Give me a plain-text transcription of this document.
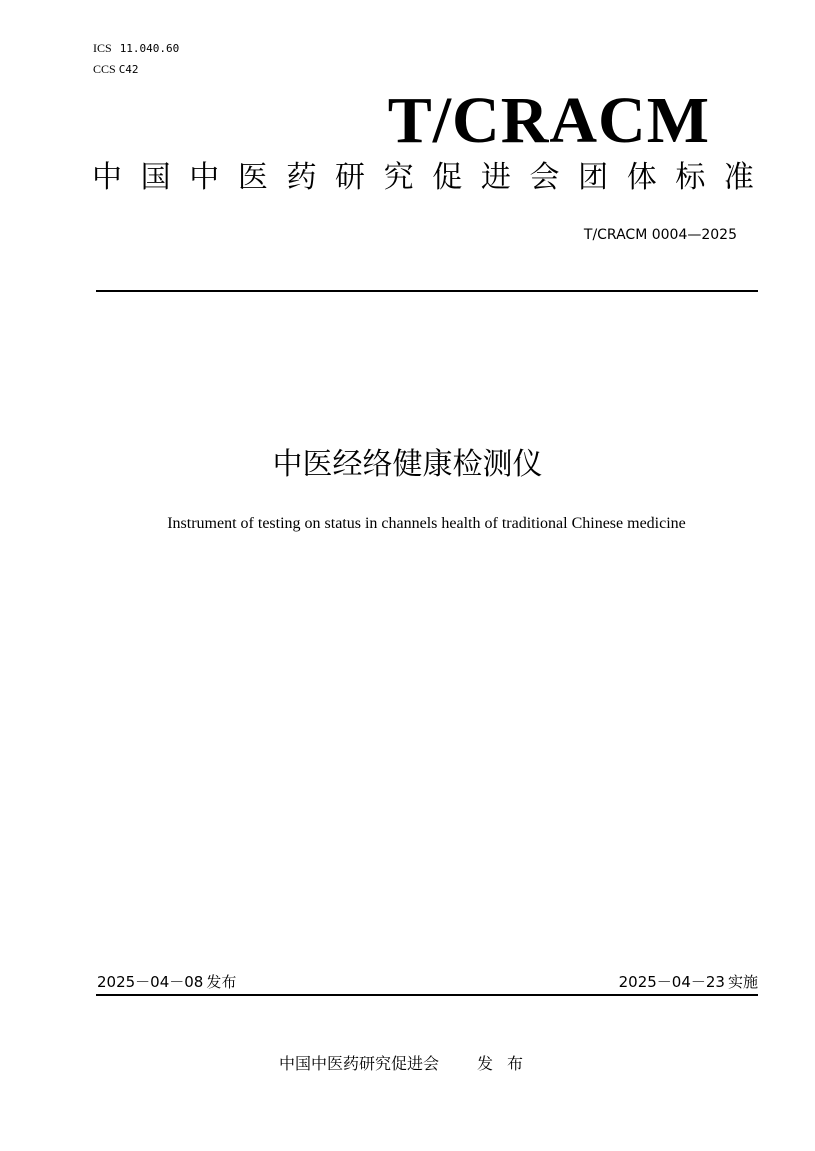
ICS 11.040.60
CCS C42
T/CRACM
中 国 中 医 药 研 究 促 进 会 团 体 标 准
T/CRACM 0004—2025
中医经络健康检测仪
Instrument of testing on status in channels health of traditional Chinese medicine
2025－04－08 发布	2025－04－23 实施
中国中医药研究促进会 发布
